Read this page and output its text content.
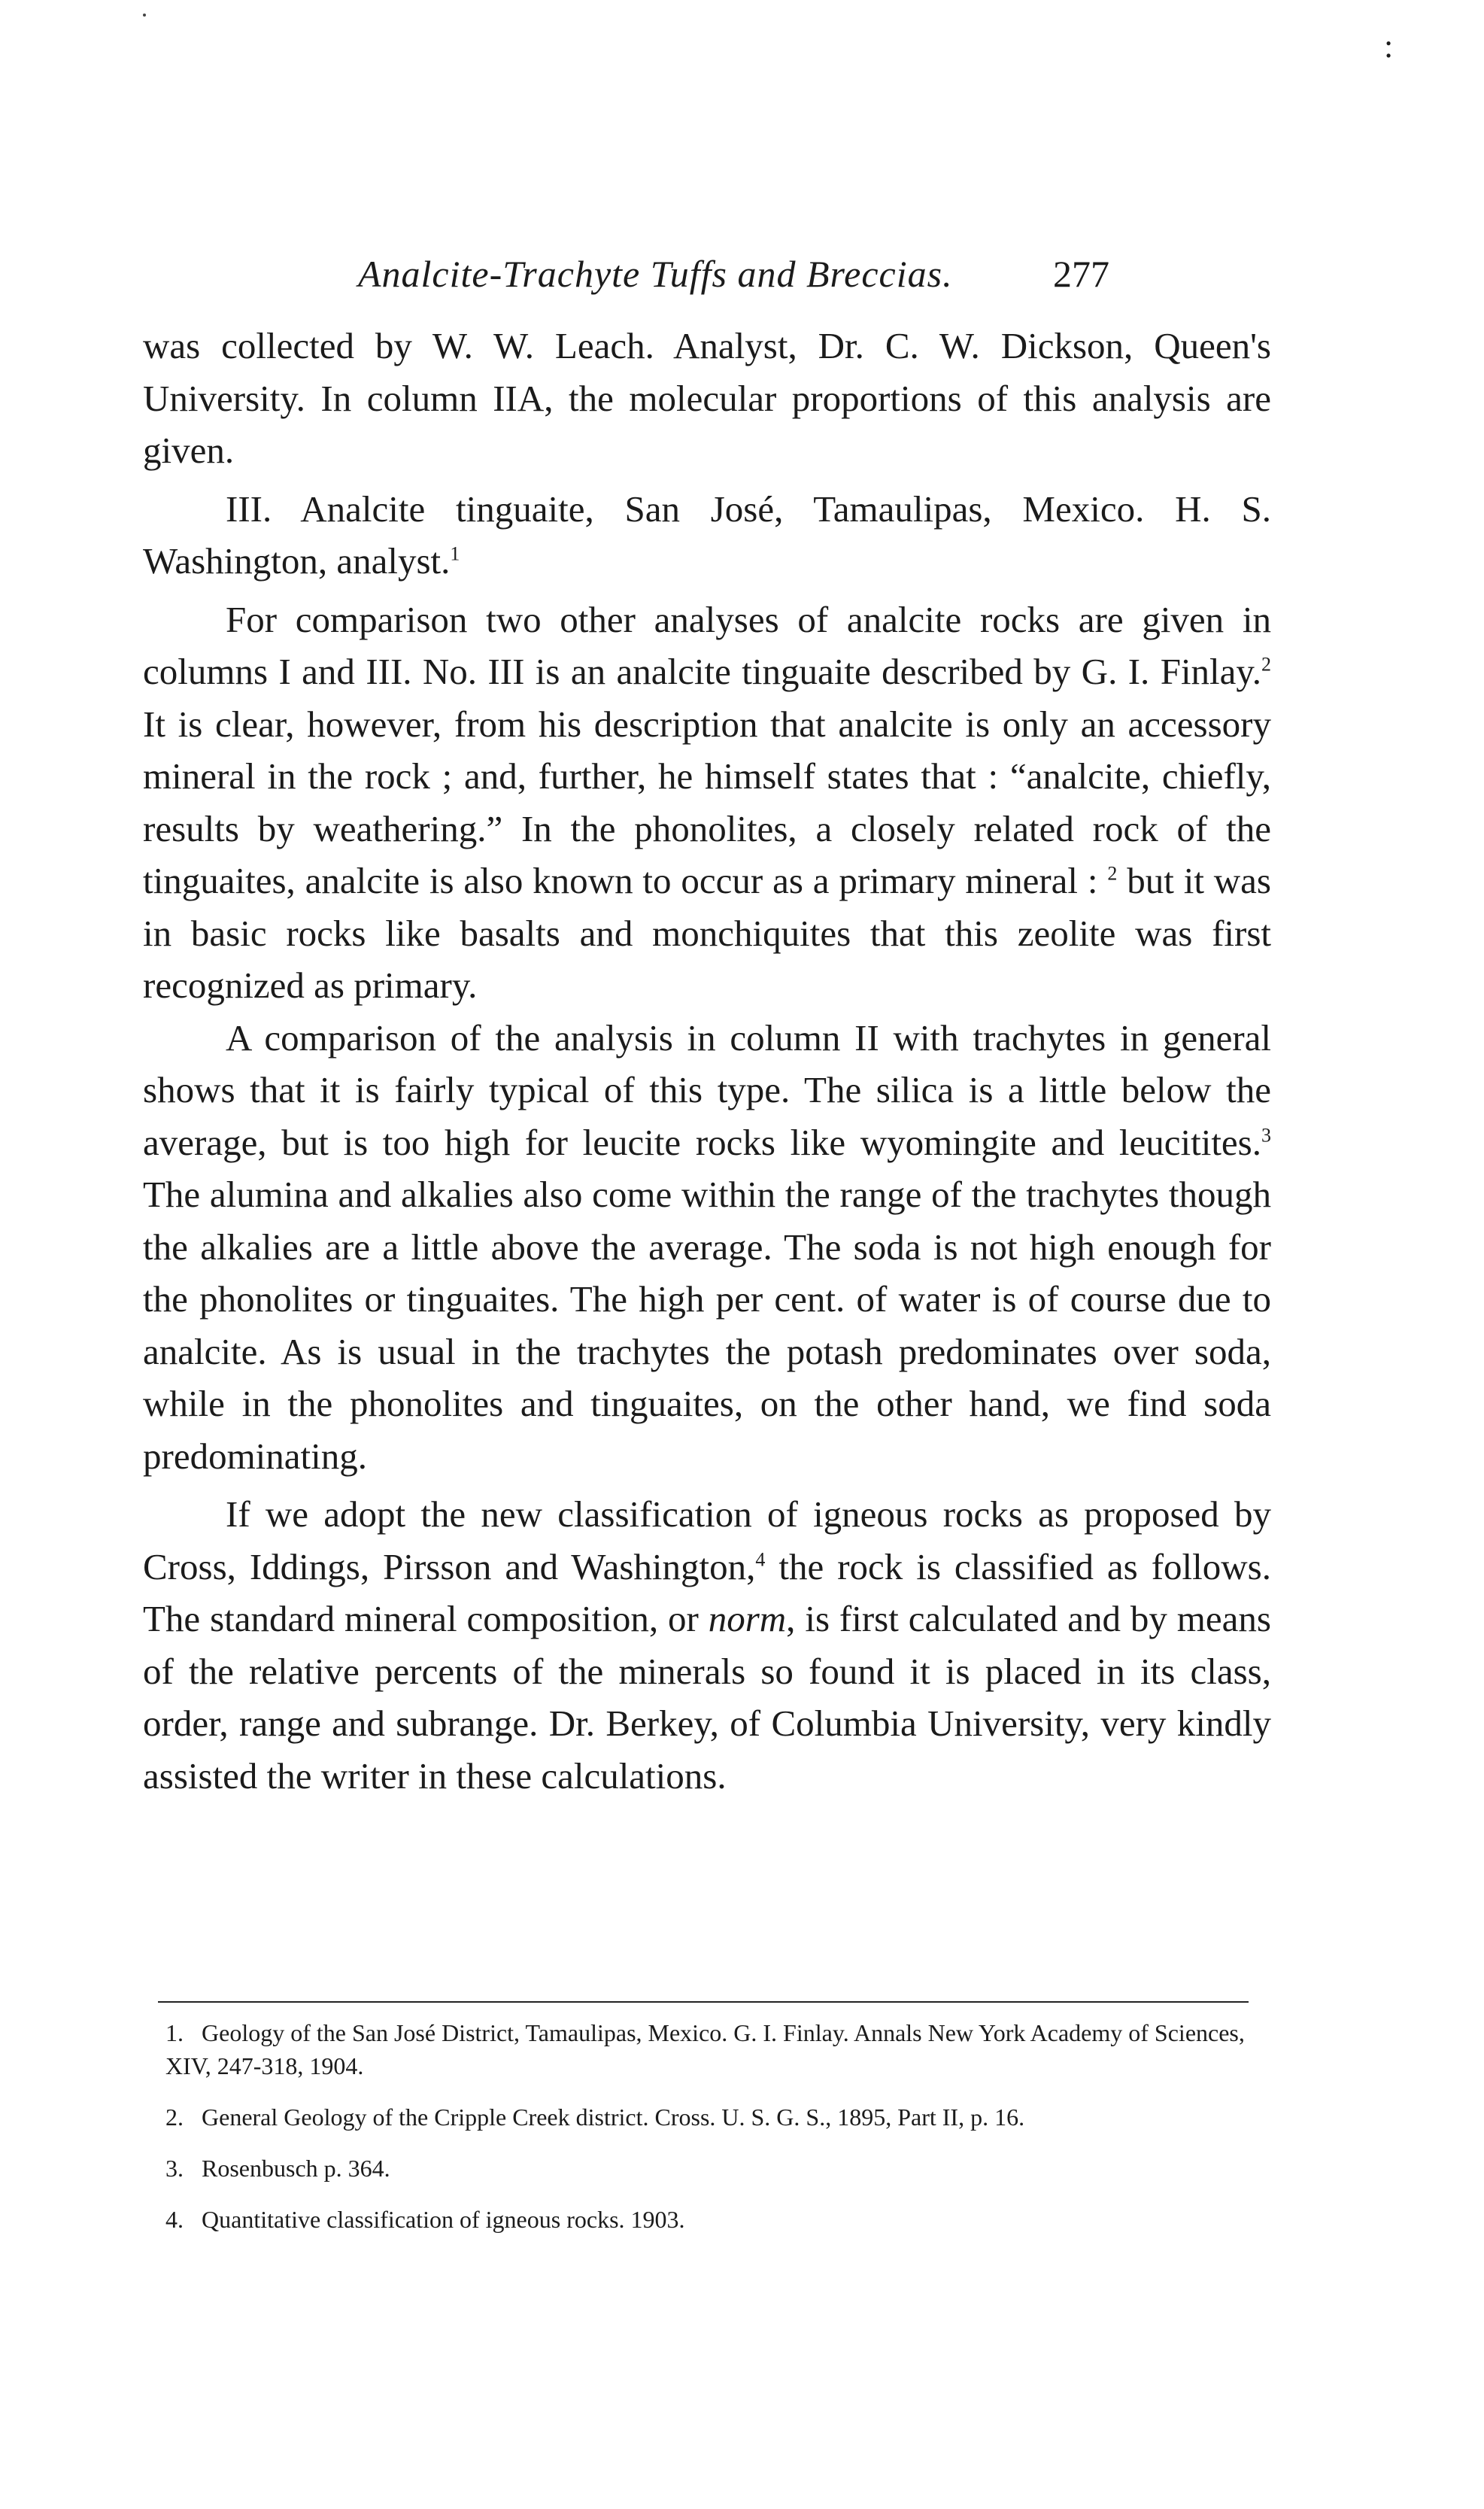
:
Analcite-Trachyte Tuffs and Breccias.	277

was collected by W. W. Leach. Analyst, Dr. C. W. Dickson, Queen's University. In column IIA, the molecular proportions of this analysis are given.

III. Analcite tinguaite, San José, Tamaulipas, Mexico. H. S. Washington, analyst.$^1$

For comparison two other analyses of analcite rocks are given in columns I and III. No. III is an analcite tinguaite described by G. I. Finlay.$^2$ It is clear, however, from his description that analcite is only an accessory mineral in the rock ; and, further, he himself states that : “analcite, chiefly, results by weathering.” In the phonolites, a closely related rock of the tinguaites, analcite is also known to occur as a primary mineral : $^2$ but it was in basic rocks like basalts and monchiquites that this zeolite was first recognized as primary.

A comparison of the analysis in column II with trachytes in general shows that it is fairly typical of this type. The silica is a little below the average, but is too high for leucite rocks like wyomingite and leucitites.$^3$ The alumina and alkalies also come within the range of the trachytes though the alkalies are a little above the average. The soda is not high enough for the phonolites or tinguaites. The high per cent. of water is of course due to analcite. As is usual in the trachytes the potash predominates over soda, while in the phonolites and tinguaites, on the other hand, we find soda predominating.

If we adopt the new classification of igneous rocks as proposed by Cross, Iddings, Pirsson and Washington,$^4$ the rock is classified as follows. The standard mineral composition, or norm, is first calculated and by means of the relative percents of the minerals so found it is placed in its class, order, range and subrange. Dr. Berkey, of Columbia University, very kindly assisted the writer in these calculations.

1. Geology of the San José District, Tamaulipas, Mexico. G. I. Finlay. Annals New York Academy of Sciences, XIV, 247-318, 1904.

2. General Geology of the Cripple Creek district. Cross. U. S. G. S., 1895, Part II, p. 16.

3. Rosenbusch p. 364.

4. Quantitative classification of igneous rocks. 1903.
